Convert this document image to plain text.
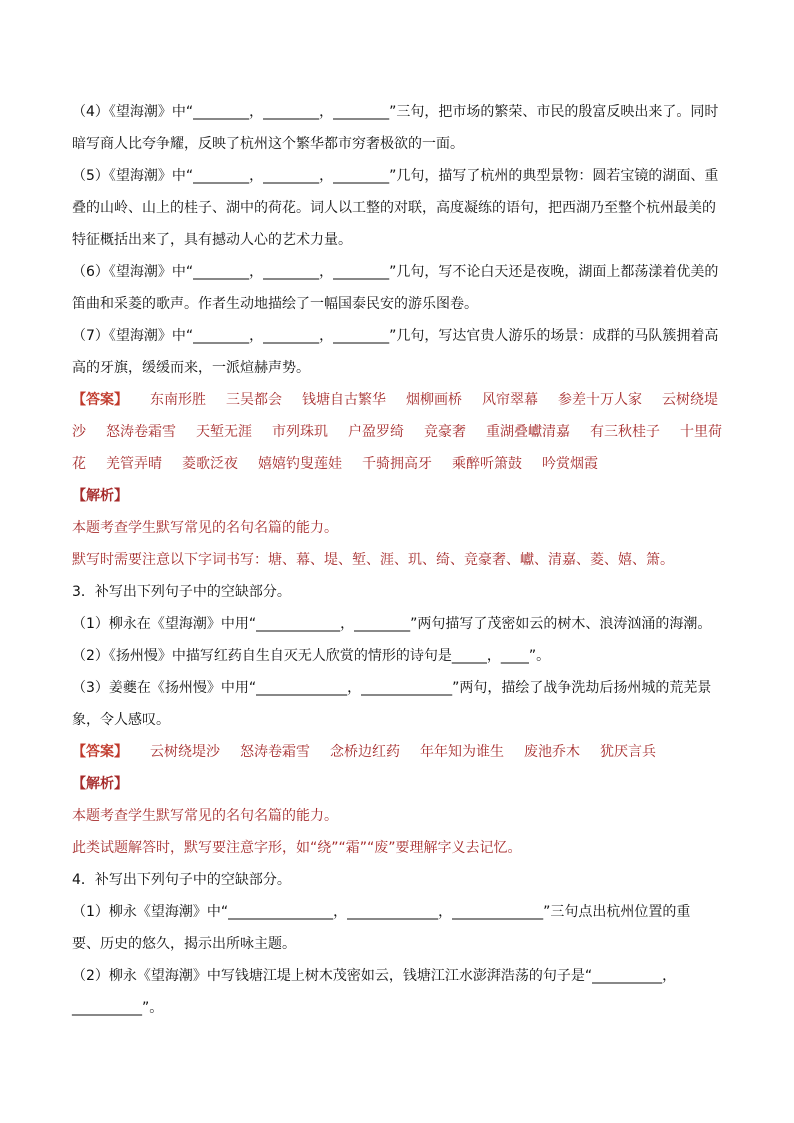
（4）《望海潮》中“________，________，________”三句，把市场的繁荣、市民的殷富反映出来了。同时
暗写商人比夸争耀，反映了杭州这个繁华都市穷奢极欲的一面。
（5）《望海潮》中“________，________，________”几句，描写了杭州的典型景物：圆若宝镜的湖面、重
叠的山岭、山上的桂子、湖中的荷花。词人以工整的对联，高度凝练的语句，把西湖乃至整个杭州最美的
特征概括出来了，具有撼动人心的艺术力量。
（6）《望海潮》中“________，________，________”几句，写不论白天还是夜晚，湖面上都荡漾着优美的
笛曲和采菱的歌声。作者生动地描绘了一幅国泰民安的游乐图卷。
（7）《望海潮》中“________，________，________”几句，写达官贵人游乐的场景：成群的马队簇拥着高
高的牙旗，缓缓而来，一派煊赫声势。
【答案】 东南形胜 三吴都会 钱塘自古繁华 烟柳画桥 风帘翠幕 参差十万人家 云树绕堤
沙 怒涛卷霜雪 天堑无涯 市列珠玑 户盈罗绮 竞豪奢 重湖叠巘清嘉 有三秋桂子 十里荷
花 羌管弄晴 菱歌泛夜 嬉嬉钓叟莲娃 千骑拥高牙 乘醉听箫鼓 吟赏烟霞
【解析】
本题考查学生默写常见的名句名篇的能力。
默写时需要注意以下字词书写：塘、幕、堤、堑、涯、玑、绮、竞豪奢、巘、清嘉、菱、嬉、箫。
3．补写出下列句子中的空缺部分。
（1）柳永在《望海潮》中用“____________，________”两句描写了茂密如云的树木、浪涛汹涌的海潮。
（2）《扬州慢》中描写红药自生自灭无人欣赏的情形的诗句是_____，____”。
（3）姜夔在《扬州慢》中用“_____________，_____________”两句，描绘了战争洗劫后扬州城的荒芜景
象，令人感叹。
【答案】 云树绕堤沙 怒涛卷霜雪 念桥边红药 年年知为谁生 废池乔木 犹厌言兵
【解析】
本题考查学生默写常见的名句名篇的能力。
此类试题解答时，默写要注意字形，如“绕”“霜”“废”要理解字义去记忆。
4．补写出下列句子中的空缺部分。
（1）柳永《望海潮》中“_______________，_____________，_____________”三句点出杭州位置的重
要、历史的悠久，揭示出所咏主题。
（2）柳永《望海潮》中写钱塘江堤上树木茂密如云，钱塘江江水澎湃浩荡的句子是“__________，
__________”。
